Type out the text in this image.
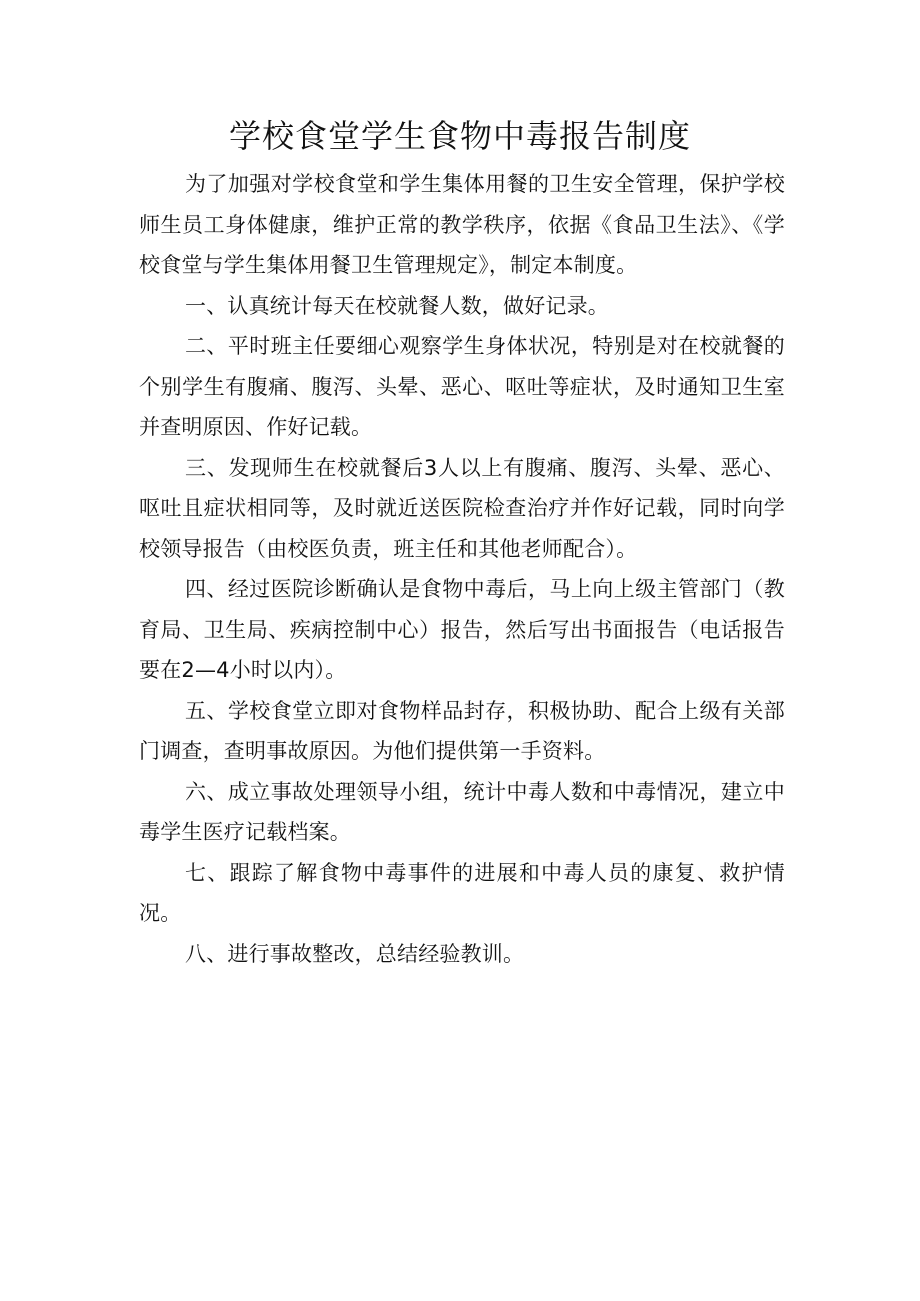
学校食堂学生食物中毒报告制度

为了加强对学校食堂和学生集体用餐的卫生安全管理，保护学校师生员工身体健康，维护正常的教学秩序，依据《食品卫生法》、《学校食堂与学生集体用餐卫生管理规定》，制定本制度。

一、认真统计每天在校就餐人数，做好记录。

二、平时班主任要细心观察学生身体状况，特别是对在校就餐的个别学生有腹痛、腹泻、头晕、恶心、呕吐等症状，及时通知卫生室并查明原因、作好记载。

三、发现师生在校就餐后3人以上有腹痛、腹泻、头晕、恶心、呕吐且症状相同等，及时就近送医院检查治疗并作好记载，同时向学校领导报告（由校医负责，班主任和其他老师配合）。

四、经过医院诊断确认是食物中毒后，马上向上级主管部门（教育局、卫生局、疾病控制中心）报告，然后写出书面报告（电话报告要在2—4小时以内）。

五、学校食堂立即对食物样品封存，积极协助、配合上级有关部门调查，查明事故原因。为他们提供第一手资料。

六、成立事故处理领导小组，统计中毒人数和中毒情况，建立中毒学生医疗记载档案。

七、跟踪了解食物中毒事件的进展和中毒人员的康复、救护情况。

八、进行事故整改，总结经验教训。
